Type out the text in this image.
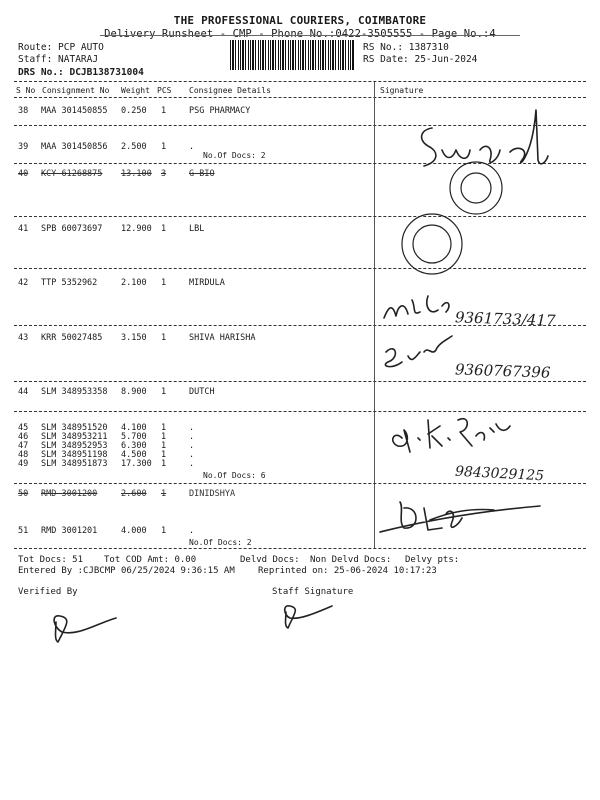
THE PROFESSIONAL COURIERS, COIMBATORE
Delivery Runsheet - CMP - Phone No.:0422-3505555 - Page No.:4
Route: PCP AUTO
Staff: NATARAJ
DRS No.: DCJB138731004
RS No.: 1387310
RS Date: 25-Jun-2024
S No Consignment No Weight PCS Consignee Details	Signature
38 MAA 301450855 0.250 1	PSG PHARMACY
39 MAA 301450856 2.500 1	.
No.Of Docs: 2
40 KCY 61268875 13.100 3	G BIO
41 SPB 60073697 12.900 1	LBL
42 TTP 5352962	2.100 1	MIRDULA
43 KRR 50027485 3.150 1	SHIVA HARISHA
44 SLM 348953358 8.900 1	DUTCH
45 SLM 348951520 4.100 1	.
46 SLM 348953211 5.700 1	.
47 SLM 348952953 6.300 1	.
48 SLM 348951198 4.500 1	.
49 SLM 348951873 17.300 1	.
No.Of Docs: 6
50 RMD 3001200	2.600 1	DINIDSHYA
51 RMD 3001201	4.000 1	.
No.Of Docs: 2
Tot Docs: 51 Tot COD Amt: 0.00	Delvd Docs: Non Delvd Docs: Delvy pts:
Entered By :CJBCMP 06/25/2024 9:36:15 AM	Reprinted on: 25-06-2024 10:17:23
Verified By	Staff Signature
9361733/417
9360767396
9843029125
